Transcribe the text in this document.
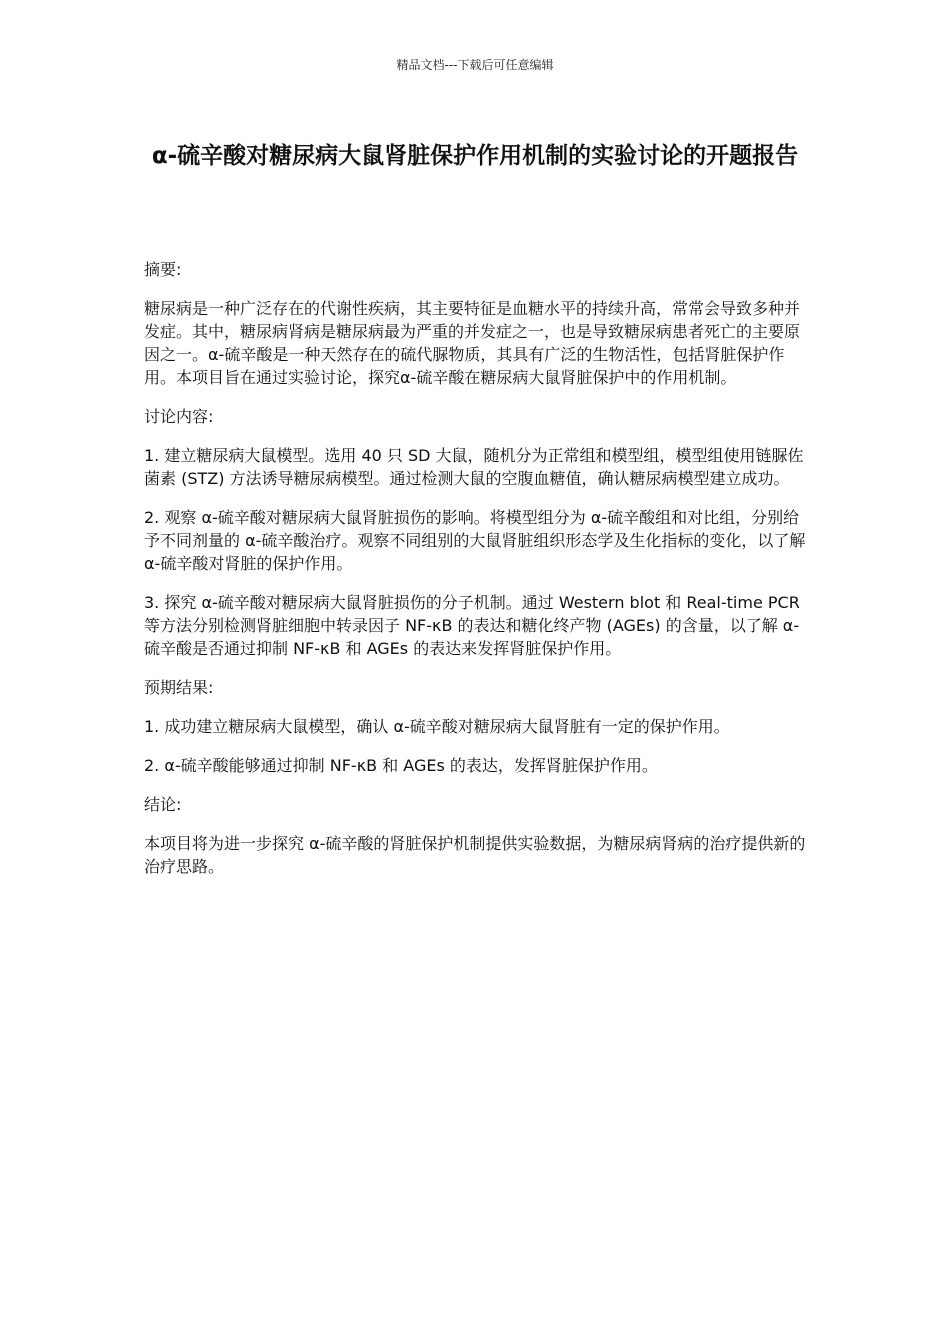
精品文档---下载后可任意编辑
α-硫辛酸对糖尿病大鼠肾脏保护作用机制的实验讨论的开题报告

摘要:

糖尿病是一种广泛存在的代谢性疾病，其主要特征是血糖水平的持续升高，常常会导致多种并发症。其中，糖尿病肾病是糖尿病最为严重的并发症之一，也是导致糖尿病患者死亡的主要原因之一。α-硫辛酸是一种天然存在的硫代脲物质，其具有广泛的生物活性，包括肾脏保护作用。本项目旨在通过实验讨论，探究α-硫辛酸在糖尿病大鼠肾脏保护中的作用机制。

讨论内容:

1. 建立糖尿病大鼠模型。选用 40 只 SD 大鼠，随机分为正常组和模型组，模型组使用链脲佐菌素 (STZ) 方法诱导糖尿病模型。通过检测大鼠的空腹血糖值，确认糖尿病模型建立成功。

2. 观察 α-硫辛酸对糖尿病大鼠肾脏损伤的影响。将模型组分为 α-硫辛酸组和对比组，分别给予不同剂量的 α-硫辛酸治疗。观察不同组别的大鼠肾脏组织形态学及生化指标的变化，以了解 α-硫辛酸对肾脏的保护作用。

3. 探究 α-硫辛酸对糖尿病大鼠肾脏损伤的分子机制。通过 Western blot 和 Real-time PCR 等方法分别检测肾脏细胞中转录因子 NF-κB 的表达和糖化终产物 (AGEs) 的含量，以了解 α-硫辛酸是否通过抑制 NF-κB 和 AGEs 的表达来发挥肾脏保护作用。

预期结果:

1. 成功建立糖尿病大鼠模型，确认 α-硫辛酸对糖尿病大鼠肾脏有一定的保护作用。

2. α-硫辛酸能够通过抑制 NF-κB 和 AGEs 的表达，发挥肾脏保护作用。

结论:

本项目将为进一步探究 α-硫辛酸的肾脏保护机制提供实验数据，为糖尿病肾病的治疗提供新的治疗思路。
